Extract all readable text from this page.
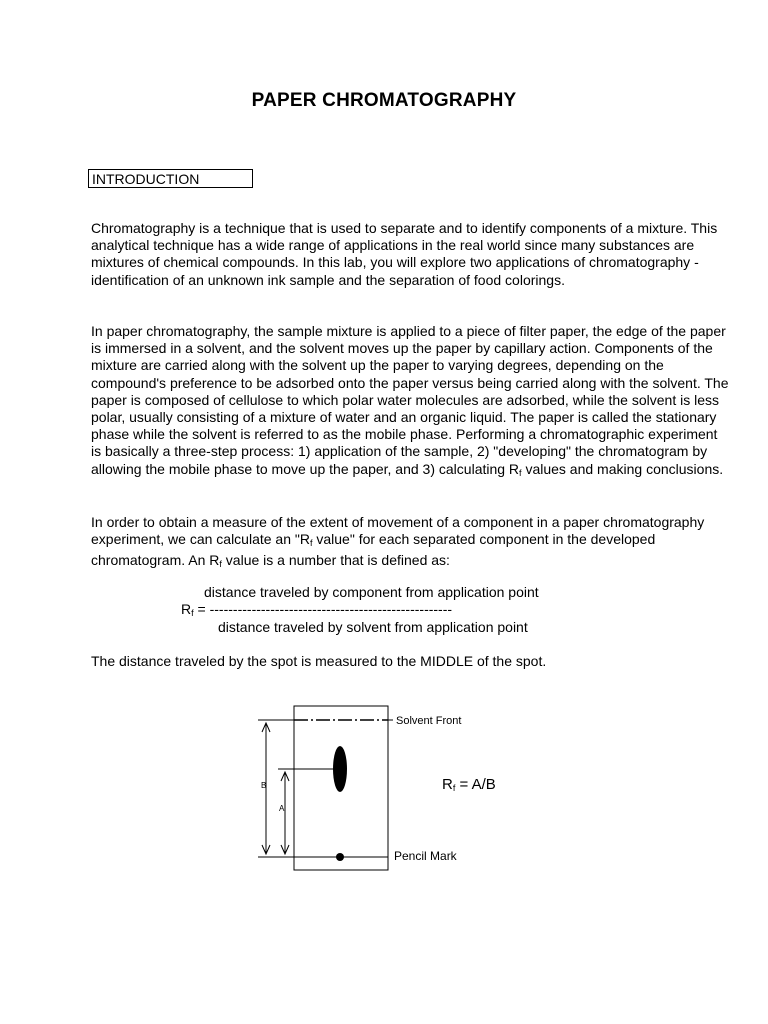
PAPER CHROMATOGRAPHY
INTRODUCTION

Chromatography is a technique that is used to separate and to identify components of a mixture. This analytical technique has a wide range of applications in the real world since many substances are mixtures of chemical compounds. In this lab, you will explore two applications of chromatography - identification of an unknown ink sample and the separation of food colorings.

In paper chromatography, the sample mixture is applied to a piece of filter paper, the edge of the paper is immersed in a solvent, and the solvent moves up the paper by capillary action. Components of the mixture are carried along with the solvent up the paper to varying degrees, depending on the compound's preference to be adsorbed onto the paper versus being carried along with the solvent. The paper is composed of cellulose to which polar water molecules are adsorbed, while the solvent is less polar, usually consisting of a mixture of water and an organic liquid. The paper is called the stationary phase while the solvent is referred to as the mobile phase. Performing a chromatographic experiment is basically a three-step process: 1) application of the sample, 2) "developing" the chromatogram by allowing the mobile phase to move up the paper, and 3) calculating $R_f$ values and making conclusions.

In order to obtain a measure of the extent of movement of a component in a paper chromatography experiment, we can calculate an "$R_f$ value" for each separated component in the developed chromatogram. An $R_f$ value is a number that is defined as:

distance traveled by component from application point
$R_f$ = ----------------------------------------------------
distance traveled by solvent from application point

The distance traveled by the spot is measured to the MIDDLE of the spot.

Solvent Front
Pencil Mark
B
A
$R_f = A/B$
